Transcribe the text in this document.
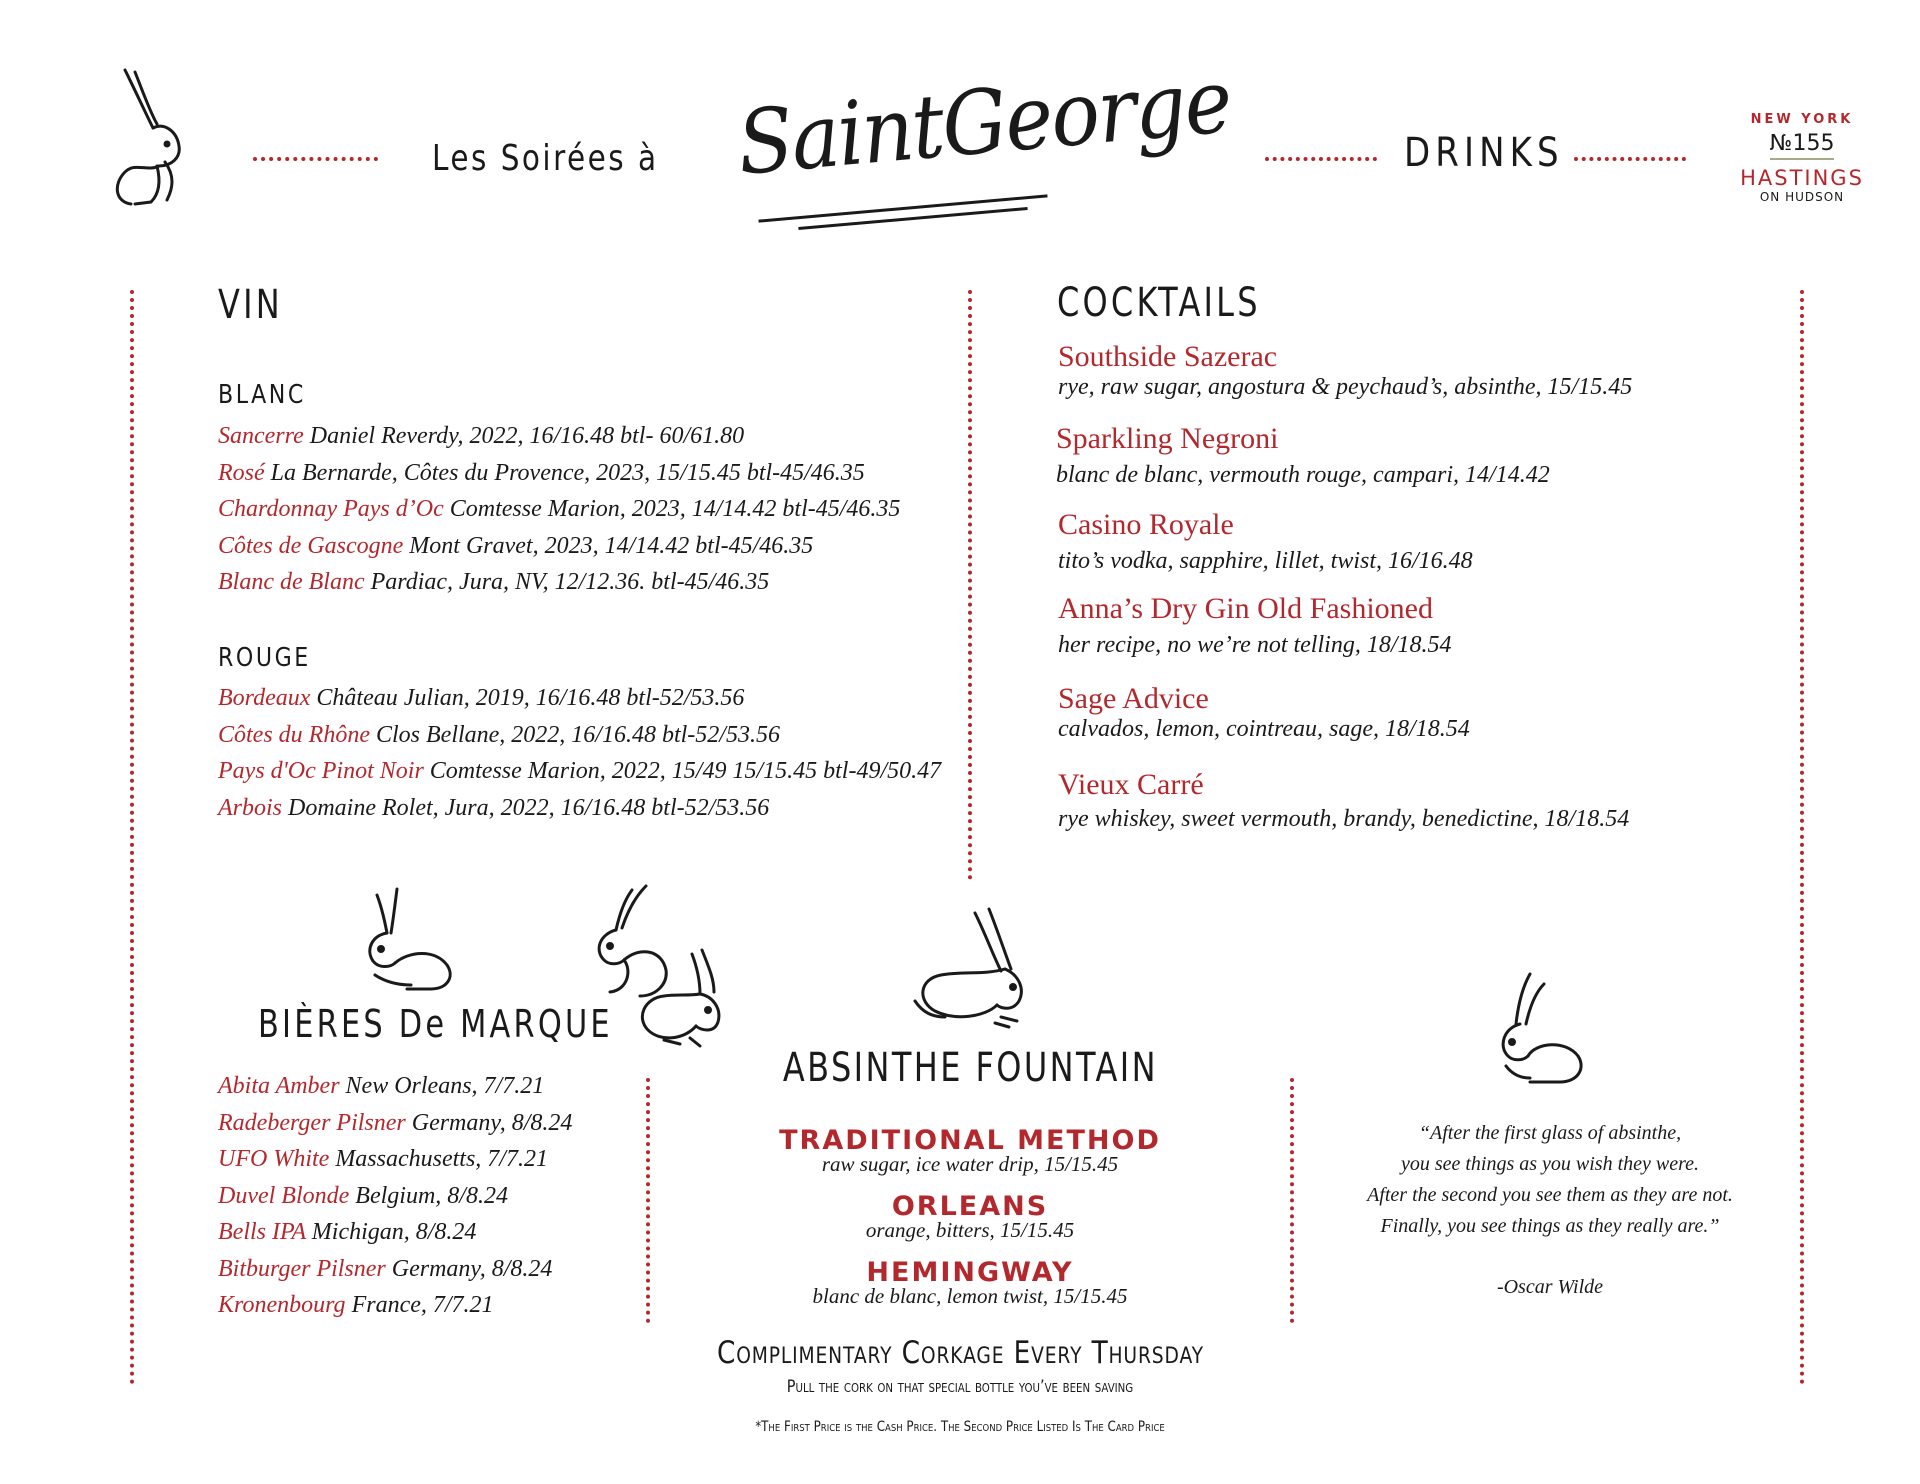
Les Soirées à SaintGeorge	DRINKS
NEW YORK
№155
HASTINGS
ON HUDSON
VIN
BLANC
Sancerre Daniel Reverdy, 2022, 16/16.48 btl- 60/61.80
Rosé La Bernarde, Côtes du Provence, 2023, 15/15.45 btl-45/46.35
Chardonnay Pays d’Oc Comtesse Marion, 2023, 14/14.42 btl-45/46.35
Côtes de Gascogne Mont Gravet, 2023, 14/14.42 btl-45/46.35
Blanc de Blanc Pardiac, Jura, NV, 12/12.36. btl-45/46.35
ROUGE
Bordeaux Château Julian, 2019, 16/16.48 btl-52/53.56
Côtes du Rhône Clos Bellane, 2022, 16/16.48 btl-52/53.56
Pays d'Oc Pinot Noir Comtesse Marion, 2022, 15/49 15/15.45 btl-49/50.47
Arbois Domaine Rolet, Jura, 2022, 16/16.48 btl-52/53.56
COCKTAILS
Southside Sazerac
rye, raw sugar, angostura & peychaud’s, absinthe, 15/15.45
Sparkling Negroni
blanc de blanc, vermouth rouge, campari, 14/14.42
Casino Royale
tito’s vodka, sapphire, lillet, twist, 16/16.48
Anna’s Dry Gin Old Fashioned
her recipe, no we’re not telling, 18/18.54
Sage Advice
calvados, lemon, cointreau, sage, 18/18.54
Vieux Carré
rye whiskey, sweet vermouth, brandy, benedictine, 18/18.54
BIÈRES De MARQUE
Abita Amber New Orleans, 7/7.21
Radeberger Pilsner Germany, 8/8.24
UFO White Massachusetts, 7/7.21
Duvel Blonde Belgium, 8/8.24
Bells IPA Michigan, 8/8.24
Bitburger Pilsner Germany, 8/8.24
Kronenbourg France, 7/7.21
ABSINTHE FOUNTAIN
TRADITIONAL METHOD
raw sugar, ice water drip, 15/15.45
ORLEANS
orange, bitters, 15/15.45
HEMINGWAY
blanc de blanc, lemon twist, 15/15.45
“After the first glass of absinthe,
you see things as you wish they were.
After the second you see them as they are not.
Finally, you see things as they really are.”
-Oscar Wilde
Complimentary Corkage Every Thursday
Pull the cork on that special bottle you’ve been saving
*The First Price is the Cash Price. The Second Price Listed Is The Card Price
